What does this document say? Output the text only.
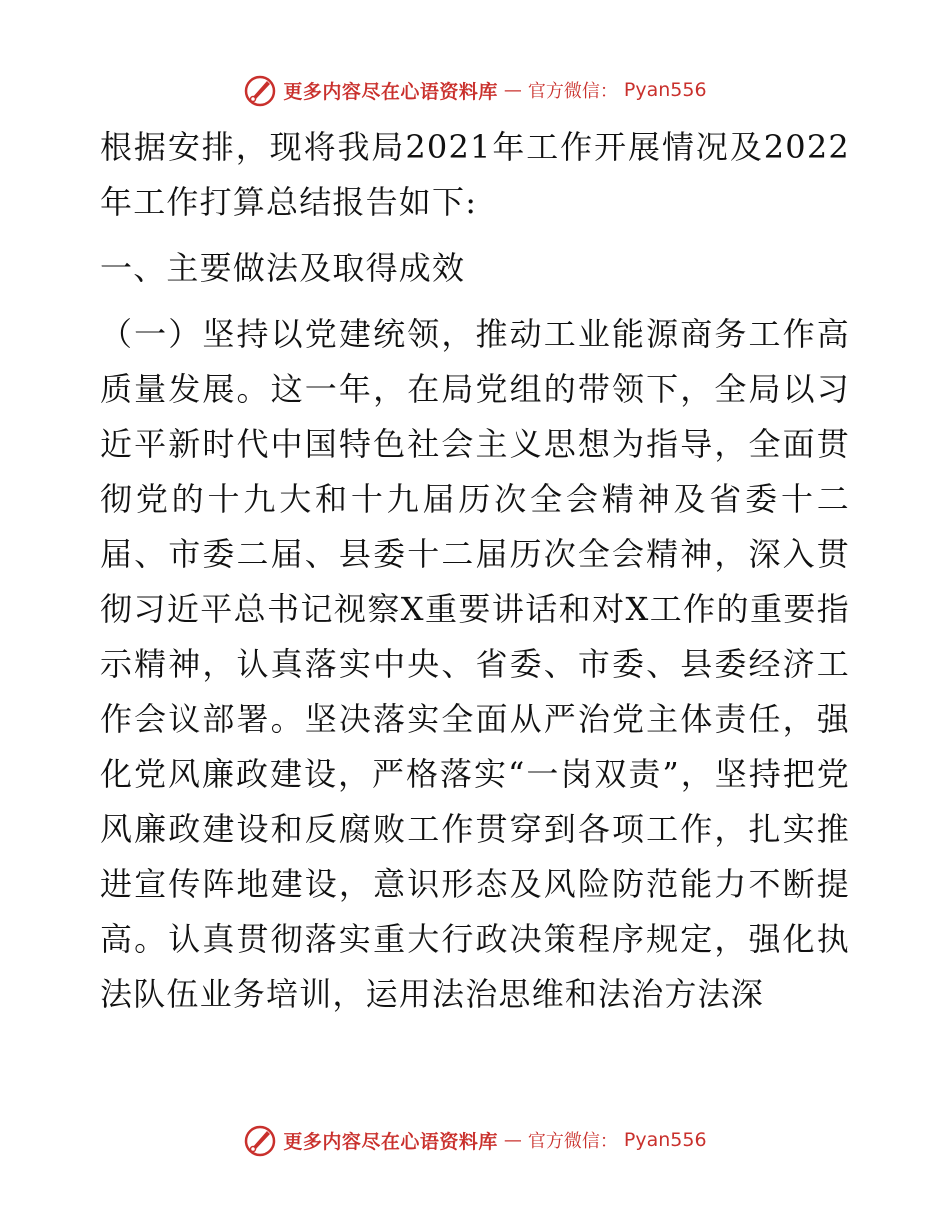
更多内容尽在心语资料库 — 官方微信： Pyan556

根据安排，现将我局2021年工作开展情况及2022年工作打算总结报告如下:

一、主要做法及取得成效

（一）坚持以党建统领，推动工业能源商务工作高质量发展。这一年，在局党组的带领下，全局以习近平新时代中国特色社会主义思想为指导，全面贯彻党的十九大和十九届历次全会精神及省委十二届、市委二届、县委十二届历次全会精神，深入贯彻习近平总书记视察X重要讲话和对X工作的重要指示精神，认真落实中央、省委、市委、县委经济工作会议部署。坚决落实全面从严治党主体责任，强化党风廉政建设，严格落实“一岗双责”，坚持把党风廉政建设和反腐败工作贯穿到各项工作，扎实推进宣传阵地建设，意识形态及风险防范能力不断提高。认真贯彻落实重大行政决策程序规定，强化执法队伍业务培训，运用法治思维和法治方法深

更多内容尽在心语资料库 — 官方微信： Pyan556
